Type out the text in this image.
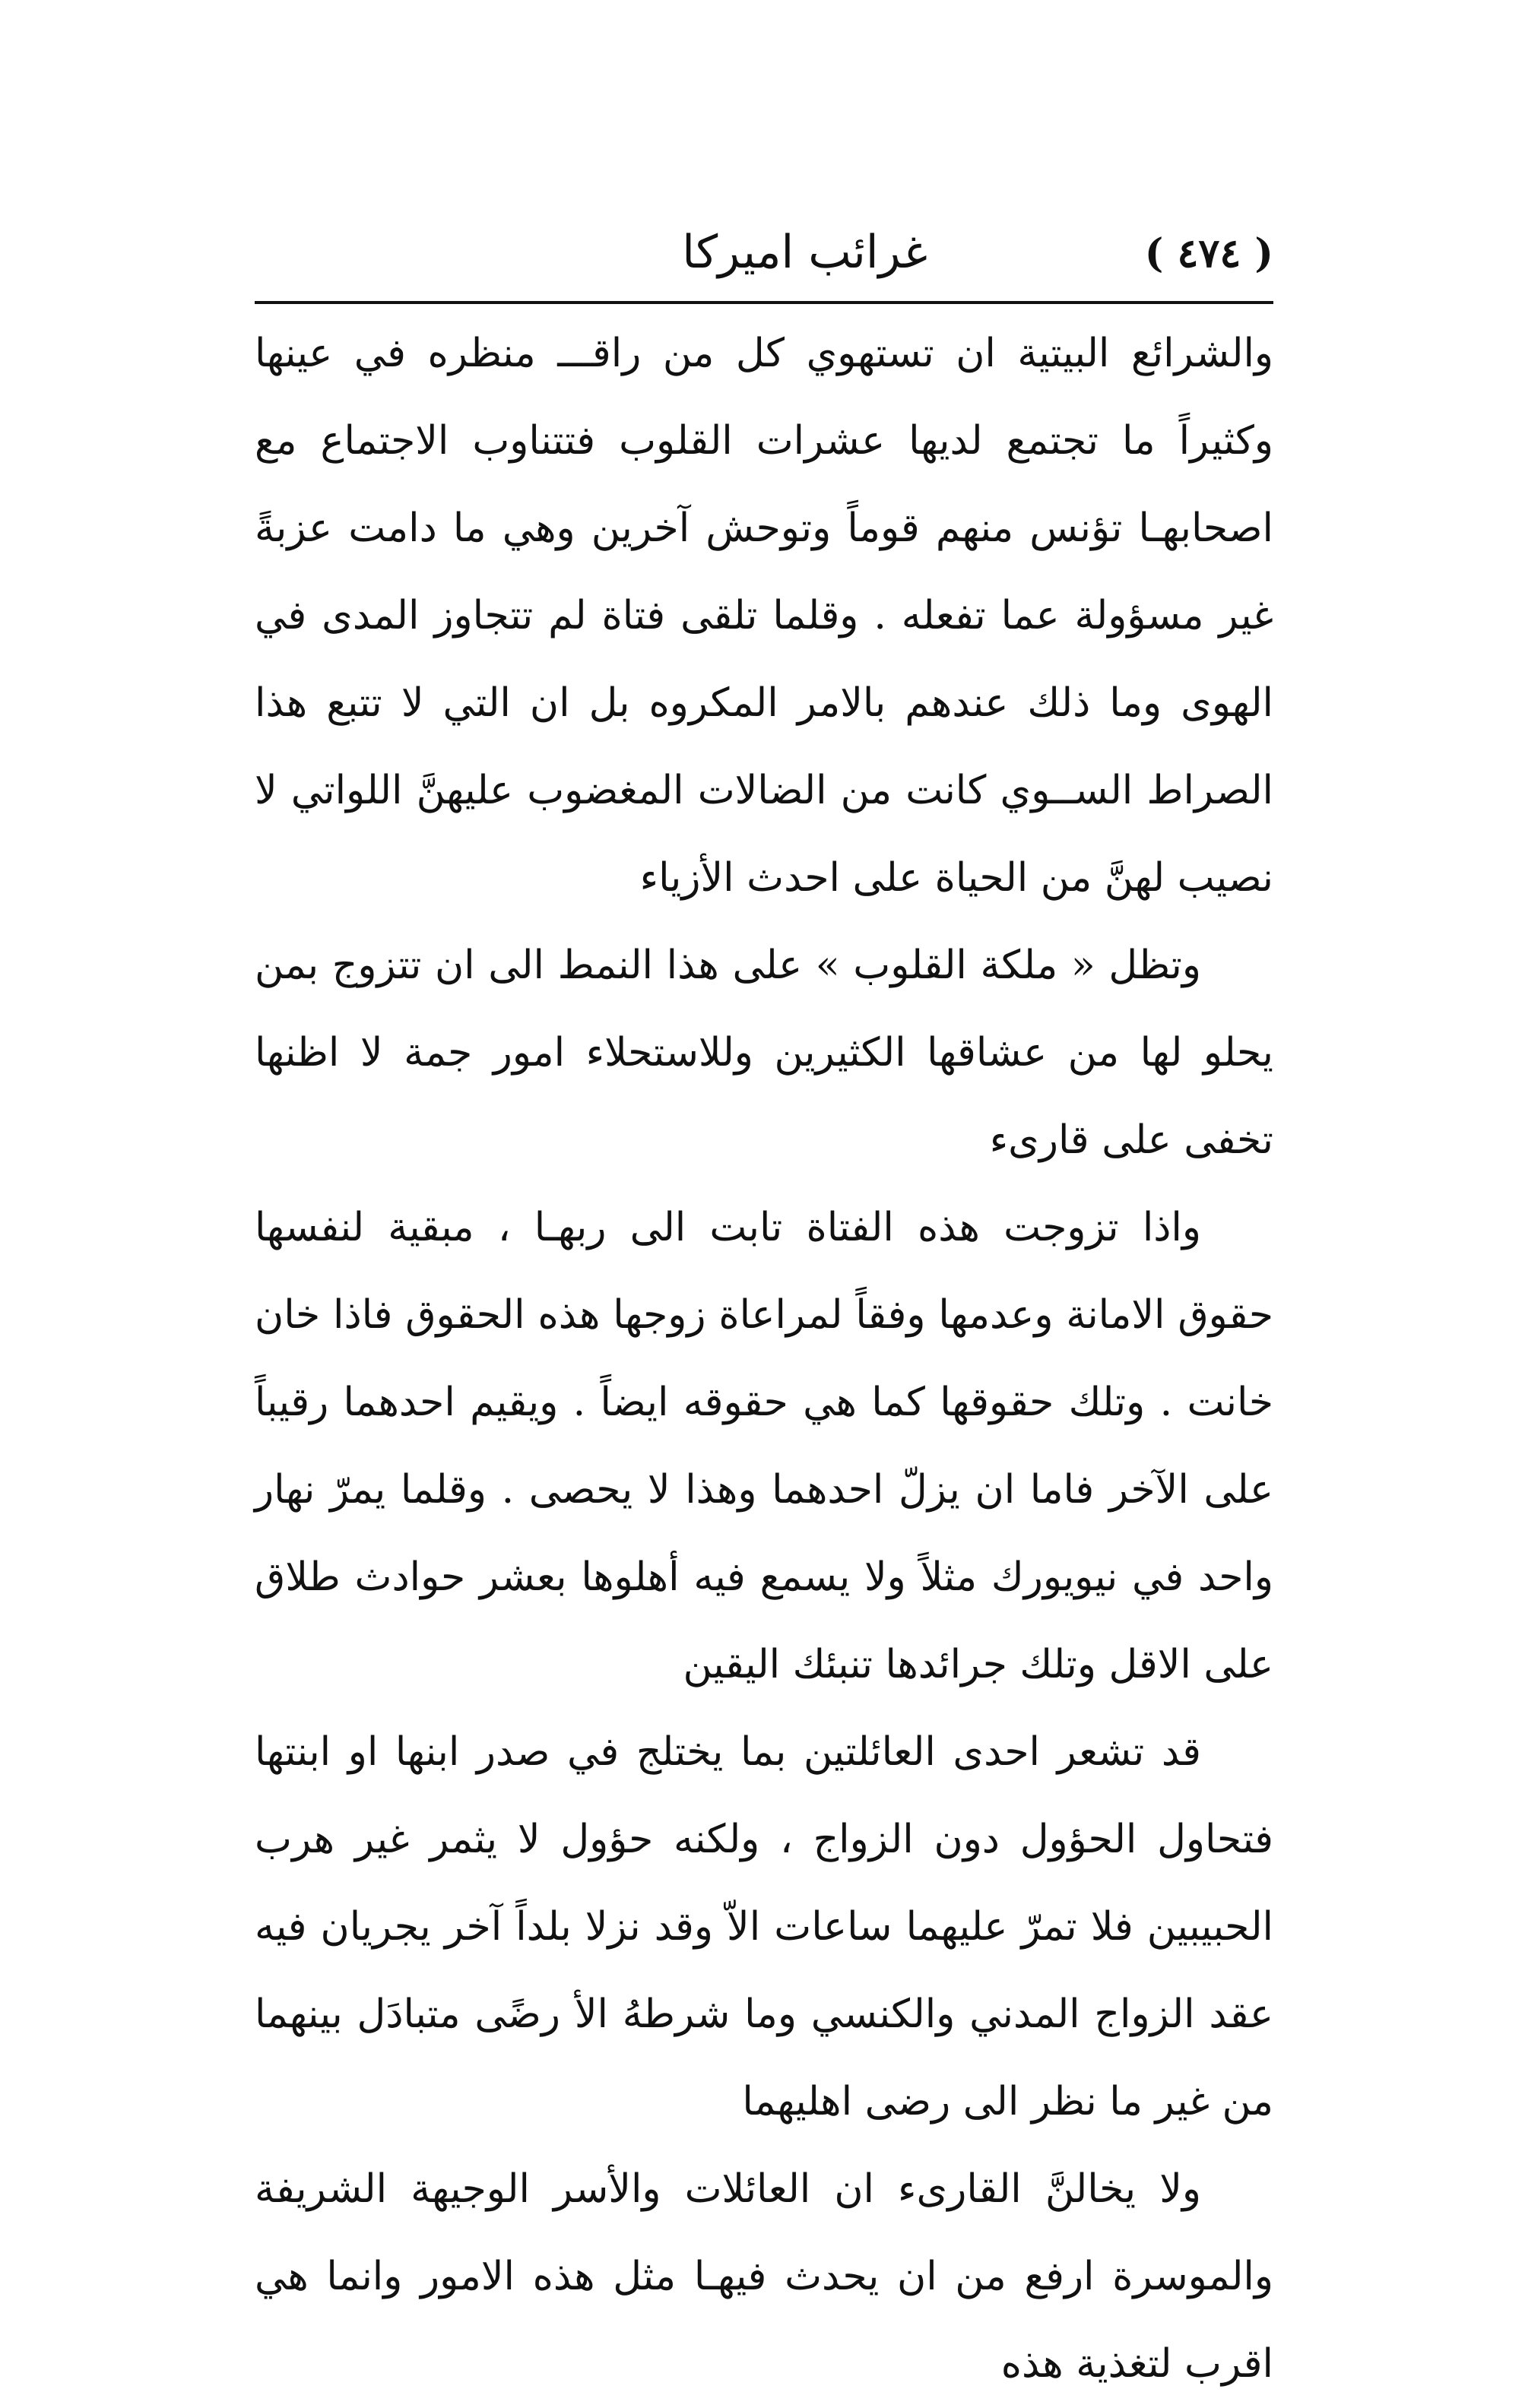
( ٤٧٤ )
غرائب اميركا

والشرائع البيتية ان تستهوي كل من راقـــ منظره في عينها وكثيراً ما تجتمع لديها عشرات القلوب فتتناوب الاجتماع مع اصحابهـا تؤنس منهم قوماً وتوحش آخرين وهي ما دامت عزبةً غير مسؤولة عما تفعله . وقلما تلقى فتاة لم تتجاوز المدى في الهوى وما ذلك عندهم بالامر المكروه بل ان التي لا تتبع هذا الصراط الســوي كانت من الضالات المغضوب عليهنَّ اللواتي لا نصيب لهنَّ من الحياة على احدث الأزياء

وتظل « ملكة القلوب » على هذا النمط الى ان تتزوج بمن يحلو لها من عشاقها الكثيرين وللاستحلاء امور جمة لا اظنها تخفى على قارىء

واذا تزوجت هذه الفتاة تابت الى ربهـا ، مبقية لنفسها حقوق الامانة وعدمها وفقاً لمراعاة زوجها هذه الحقوق فاذا خان خانت . وتلك حقوقها كما هي حقوقه ايضاً . ويقيم احدهما رقيباً على الآخر فاما ان يزلّ احدهما وهذا لا يحصى . وقلما يمرّ نهار واحد في نيويورك مثلاً ولا يسمع فيه أهلوها بعشر حوادث طلاق على الاقل وتلك جرائدها تنبئك اليقين

قد تشعر احدى العائلتين بما يختلج في صدر ابنها او ابنتها فتحاول الحؤول دون الزواج ، ولكنه حؤول لا يثمر غير هرب الحبيبين فلا تمرّ عليهما ساعات الاّ وقد نزلا بلداً آخر يجريان فيه عقد الزواج المدني والكنسي وما شرطهُ الأ رضًى متبادَل بينهما من غير ما نظر الى رضى اهليهما

ولا يخالنَّ القارىء ان العائلات والأسر الوجيهة الشريفة والموسرة ارفع من ان يحدث فيهـا مثل هذه الامور وانما هي اقرب لتغذية هذه
